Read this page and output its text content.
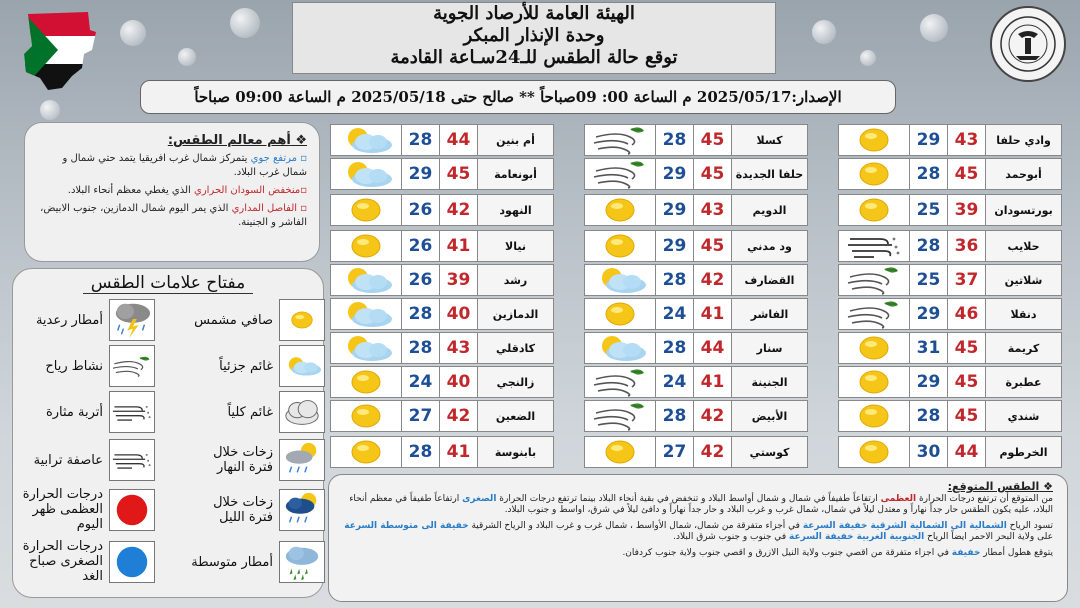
الهيئة العامة للأرصاد الجوية
وحدة الإنذار المبكر
توقع حالة الطقس للـ24سـاعة القادمة
الإصدار:2025/05/17 م الساعة 00: 09صباحاً ** صالح حتى 2025/05/18 م الساعة 09:00 صباحاً
❖ أهم معالم الطقس:

▫ مرتفع جوي يتمركز شمال غرب افريقيا يتمد حتي شمال و شمال غرب البلاد.

▫منخفض السودان الحراري الذي يغطي معظم أنحاء البلاد.

▫ الفاصل المداري الذي يمر اليوم شمال الدمازين، جنوب الابيض، الفاشر و الجنينة.

مفتاح علامات الطقس
صافي مشمس
أمطار رعدية
غائم جزئياً
نشاط رياح
غائم كلياً
أتربة مثارة
زخات خلال فترة النهار
عاصفة ترابية
زخات خلال فترة الليل
درجات الحرارة العظمى ظهر اليوم
أمطار متوسطة
درجات الحرارة الصغرى صباح الغد
28 44	أم بنين
29 45	أبونعامة
26 42	النهود
26 41	نيالا
26 39	رشد
28 40	الدمازين
28 43	كادقلي
24 40	زالنجي
27 42	الضعين
28 41	بابنوسة
28 45	كسلا
29 45	حلفا الجديدة
29 43	الدويم
29 45	ود مدني
28 42	القضارف
24 41	الفاشر
28 44	سنار
24 41	الجنينة
28 42	الأبيض
27 42	كوستي
29 43	وادي حلفا
28 45	أبوحمد
25 39	بورتسودان
28 36	حلايب
25 37	شلاتين
29 46	دنقلا
31 45	كريمة
29 45	عطبرة
28 45	شندي
30 44	الخرطوم
❖ الطقس المتوقع:

من المتوقع أن ترتفع درجات الحرارة العظمى ارتفاعاً طفيفاً في شمال و شمال أواسط البلاد و تنخفض في بقية أنحاء البلاد بينما ترتفع درجات الحرارة الصغرى ارتفاعاً طفيفاً في معظم أنحاء البلاد، عليه يكون الطقس حار جداً نهاراً و معتدل ليلاً في شمال، شمال غرب و غرب البلاد و حار جداً نهاراً و دافئ ليلاً في شرق، اواسط و جنوب البلاد.

تسود الرياح الشمالية الى الشمالية الشرقية خفيفة السرعة في أجزاء متفرقة من شمال، شمال الأواسط ، شمال غرب و غرب البلاد و الرياح الشرقية خفيفة الى متوسطة السرعة على ولاية البحر الاحمر ايضاً الرياح الجنوبية الغربية خفيفة السرعة في جنوب و جنوب شرق البلاد.

يتوقع هطول أمطار خفيفة في اجزاء متفرقة من اقصي جنوب ولاية النيل الازرق و اقصي جنوب ولاية جنوب كردفان.
